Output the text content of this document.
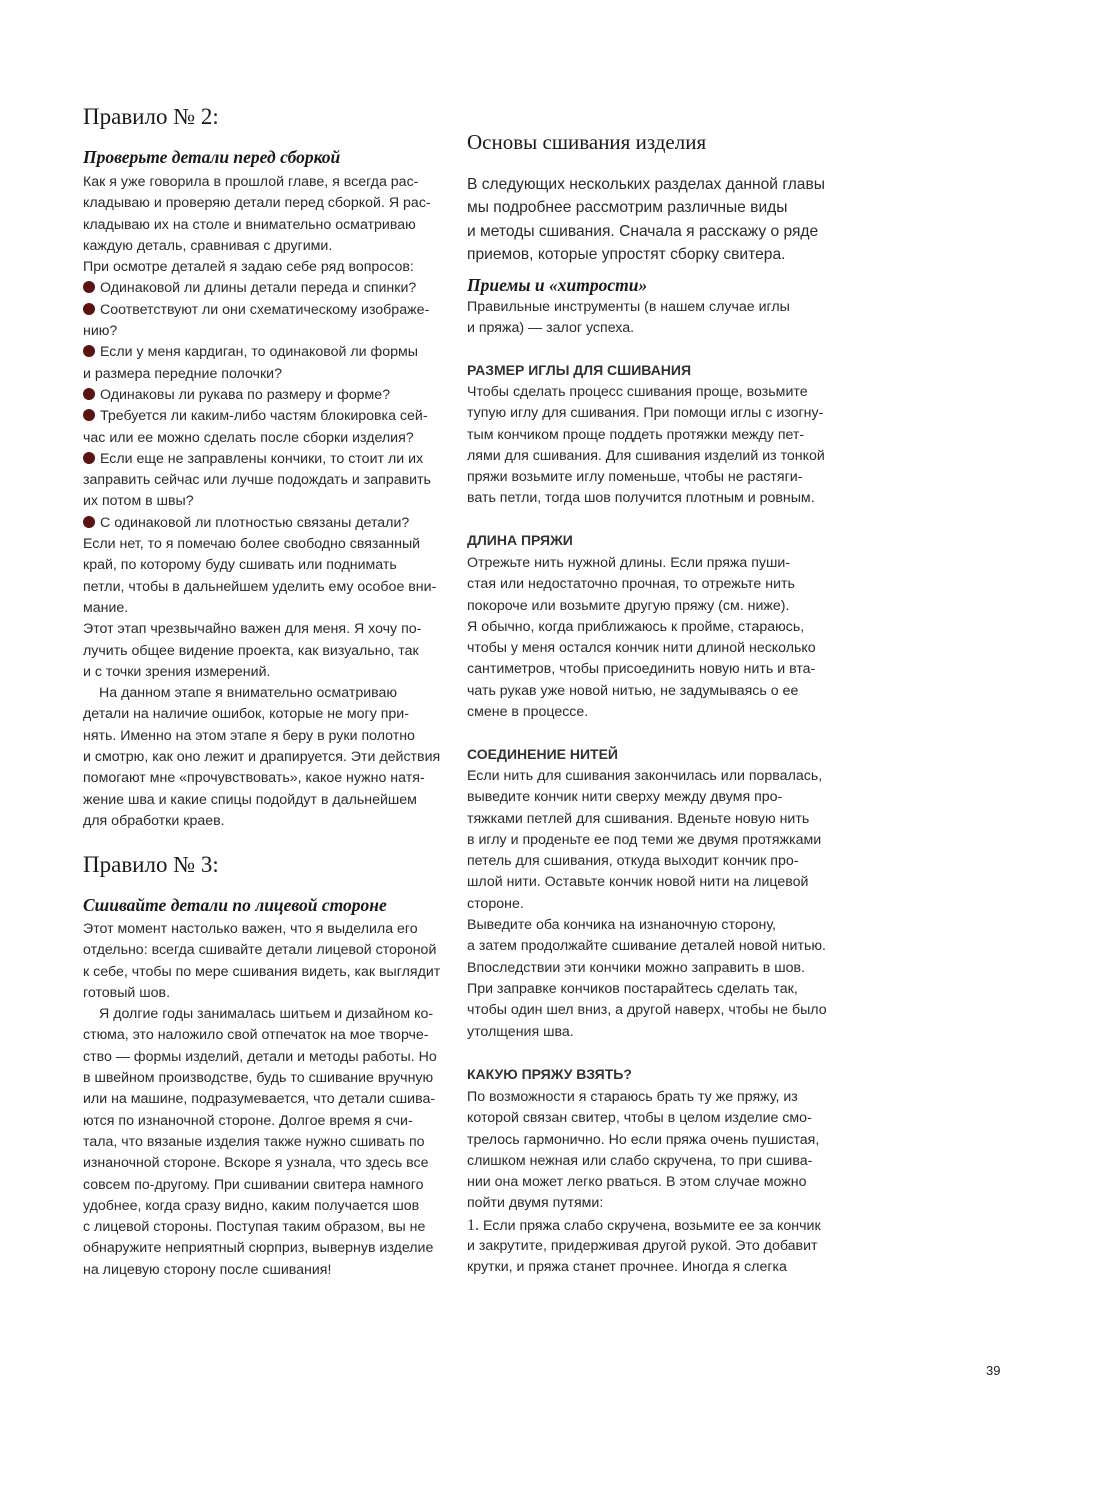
Правило № 2:
Проверьте детали перед сборкой
Как я уже говорила в прошлой главе, я всегда рас-
кладываю и проверяю детали перед сборкой. Я рас-
кладываю их на столе и внимательно осматриваю
каждую деталь, сравнивая с другими.
При осмотре деталей я задаю себе ряд вопросов:
Одинаковой ли длины детали переда и спинки?
Соответствуют ли они схематическому изображе-
нию?
Если у меня кардиган, то одинаковой ли формы
и размера передние полочки?
Одинаковы ли рукава по размеру и форме?
Требуется ли каким-либо частям блокировка сей-
час или ее можно сделать после сборки изделия?
Если еще не заправлены кончики, то стоит ли их
заправить сейчас или лучше подождать и заправить
их потом в швы?
С одинаковой ли плотностью связаны детали?
Если нет, то я помечаю более свободно связанный
край, по которому буду сшивать или поднимать
петли, чтобы в дальнейшем уделить ему особое вни-
мание.
Этот этап чрезвычайно важен для меня. Я хочу по-
лучить общее видение проекта, как визуально, так
и с точки зрения измерений.
На данном этапе я внимательно осматриваю
детали на наличие ошибок, которые не могу при-
нять. Именно на этом этапе я беру в руки полотно
и смотрю, как оно лежит и драпируется. Эти действия
помогают мне «прочувствовать», какое нужно натя-
жение шва и какие спицы подойдут в дальнейшем
для обработки краев.
Правило № 3:
Сшивайте детали по лицевой стороне
Этот момент настолько важен, что я выделила его
отдельно: всегда сшивайте детали лицевой стороной
к себе, чтобы по мере сшивания видеть, как выглядит
готовый шов.
Я долгие годы занималась шитьем и дизайном ко-
стюма, это наложило свой отпечаток на мое творче-
ство — формы изделий, детали и методы работы. Но
в швейном производстве, будь то сшивание вручную
или на машине, подразумевается, что детали сшива-
ются по изнаночной стороне. Долгое время я счи-
тала, что вязаные изделия также нужно сшивать по
изнаночной стороне. Вскоре я узнала, что здесь все
совсем по-другому. При сшивании свитера намного
удобнее, когда сразу видно, каким получается шов
с лицевой стороны. Поступая таким образом, вы не
обнаружите неприятный сюрприз, вывернув изделие
на лицевую сторону после сшивания!
Основы сшивания изделия
В следующих нескольких разделах данной главы
мы подробнее рассмотрим различные виды
и методы сшивания. Сначала я расскажу о ряде
приемов, которые упростят сборку свитера.
Приемы и «хитрости»
Правильные инструменты (в нашем случае иглы
и пряжа) — залог успеха.
РАЗМЕР ИГЛЫ ДЛЯ СШИВАНИЯ
Чтобы сделать процесс сшивания проще, возьмите
тупую иглу для сшивания. При помощи иглы с изогну-
тым кончиком проще поддеть протяжки между пет-
лями для сшивания. Для сшивания изделий из тонкой
пряжи возьмите иглу поменьше, чтобы не растяги-
вать петли, тогда шов получится плотным и ровным.
ДЛИНА ПРЯЖИ
Отрежьте нить нужной длины. Если пряжа пуши-
стая или недостаточно прочная, то отрежьте нить
покороче или возьмите другую пряжу (см. ниже).
Я обычно, когда приближаюсь к пройме, стараюсь,
чтобы у меня остался кончик нити длиной несколько
сантиметров, чтобы присоединить новую нить и вта-
чать рукав уже новой нитью, не задумываясь о ее
смене в процессе.
СОЕДИНЕНИЕ НИТЕЙ
Если нить для сшивания закончилась или порвалась,
выведите кончик нити сверху между двумя про-
тяжками петлей для сшивания. Вденьте новую нить
в иглу и проденьте ее под теми же двумя протяжками
петель для сшивания, откуда выходит кончик про-
шлой нити. Оставьте кончик новой нити на лицевой
стороне.
Выведите оба кончика на изнаночную сторону,
а затем продолжайте сшивание деталей новой нитью.
Впоследствии эти кончики можно заправить в шов.
При заправке кончиков постарайтесь сделать так,
чтобы один шел вниз, а другой наверх, чтобы не было
утолщения шва.
КАКУЮ ПРЯЖУ ВЗЯТЬ?
По возможности я стараюсь брать ту же пряжу, из
которой связан свитер, чтобы в целом изделие смо-
трелось гармонично. Но если пряжа очень пушистая,
слишком нежная или слабо скручена, то при сшива-
нии она может легко рваться. В этом случае можно
пойти двумя путями:
1. Если пряжа слабо скручена, возьмите ее за кончик
и закрутите, придерживая другой рукой. Это добавит
крутки, и пряжа станет прочнее. Иногда я слегка
39
